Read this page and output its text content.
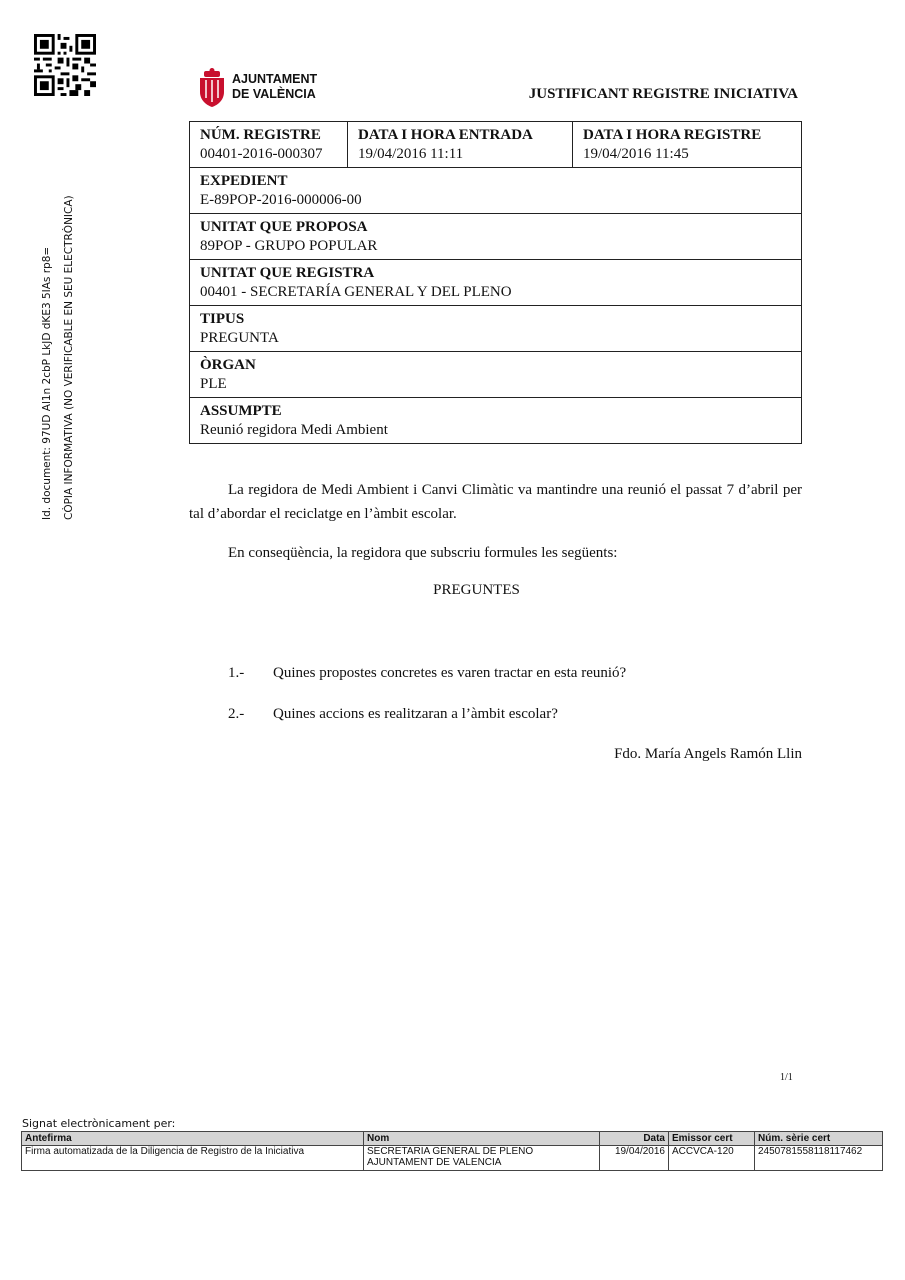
AJUNTAMENT
DE VALÈNCIA	JUSTIFICANT REGISTRE INICIATIVA
Id. document: 97UD Al1n 2cbP LkJD dKE3 5IAs rp8= CÒPIA INFORMATIVA (NO VERIFICABLE EN SEU ELECTRÒNICA)
NÚM. REGISTRE
00401-2016-000307

DATA I HORA ENTRADA
19/04/2016 11:11

DATA I HORA REGISTRE
19/04/2016 11:45

EXPEDIENT
E-89POP-2016-000006-00

UNITAT QUE PROPOSA
89POP - GRUPO POPULAR

UNITAT QUE REGISTRA
00401 - SECRETARÍA GENERAL Y DEL PLENO

TIPUS
PREGUNTA

ÒRGAN
PLE

ASSUMPTE
Reunió regidora Medi Ambient
La regidora de Medi Ambient i Canvi Climàtic va mantindre una reunió el passat 7 d’abril per tal d’abordar el reciclatge en l’àmbit escolar.
En conseqüència, la regidora que subscriu formules les següents:
PREGUNTES
1.- Quines propostes concretes es varen tractar en esta reunió?
2.- Quines accions es realitzaran a l’àmbit escolar?
Fdo. María Angels Ramón Llin
1/1
Signat electrònicament per:
Antefirma	Nom	Data	Emissor cert	Núm. sèrie cert
Firma automatizada de la Diligencia de Registro de la Iniciativa	SECRETARIA GENERAL DE PLENO
AJUNTAMENT DE VALENCIA	19/04/2016	ACCVCA-120	2450781558118117462
